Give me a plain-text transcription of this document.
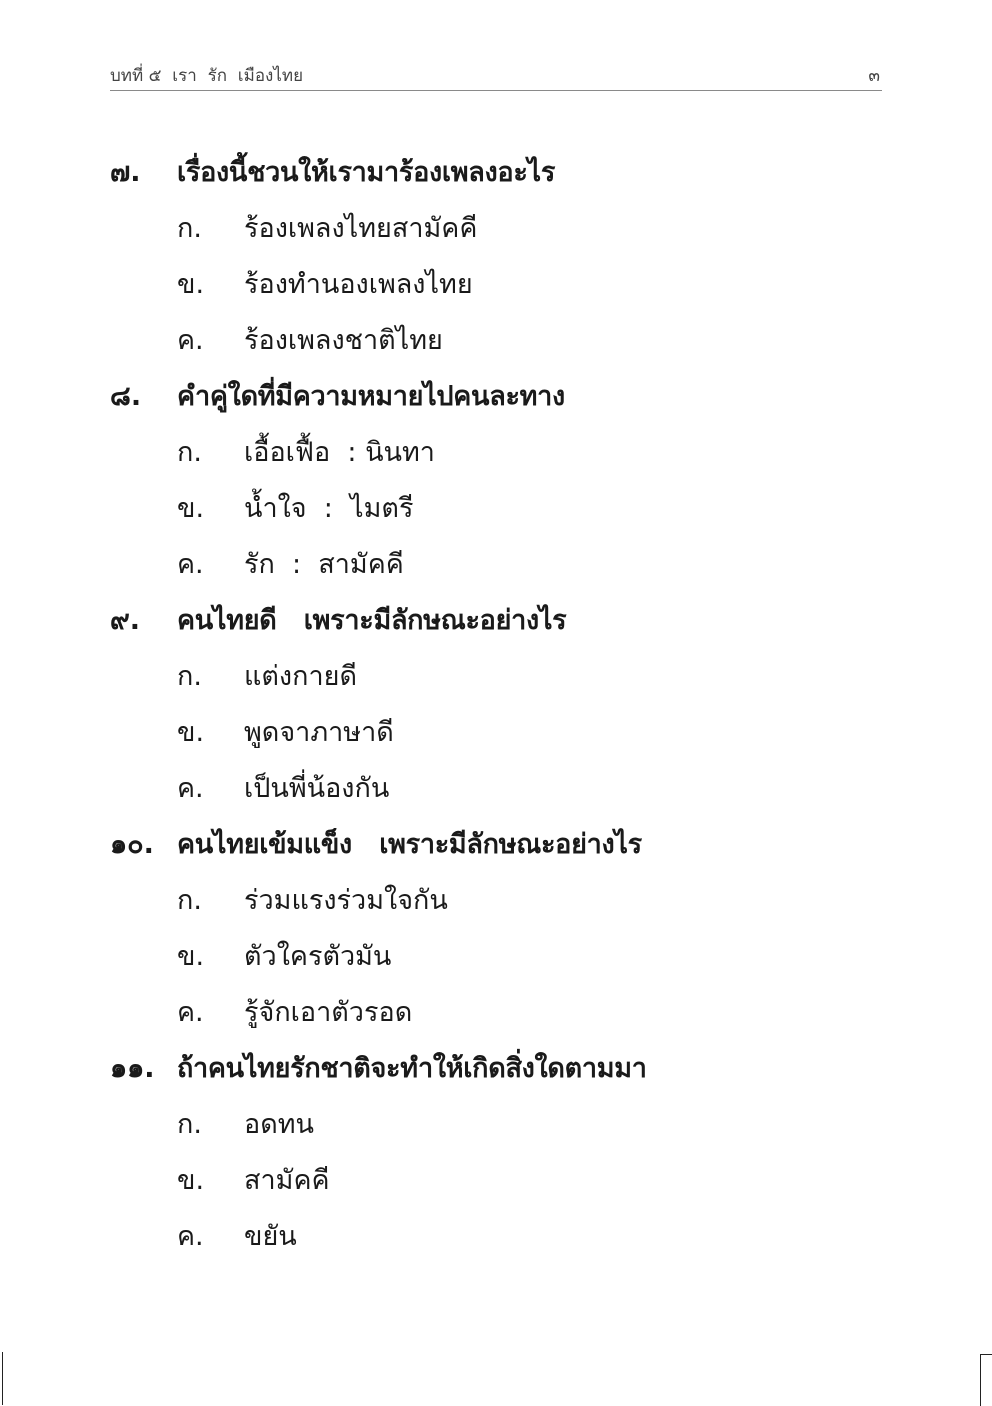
บทที่ ๕  เรา  รัก  เมืองไทย	๓
๗. เรื่องนี้ชวนให้เรามาร้องเพลงอะไร
ก. ร้องเพลงไทยสามัคคี
ข. ร้องทำนองเพลงไทย
ค. ร้องเพลงชาติไทย
๘. คำคู่ใดที่มีความหมายไปคนละทาง
ก. เอื้อเฟื้อ  : นินทา
ข. น้ำใจ  :  ไมตรี
ค. รัก  :  สามัคคี
๙. คนไทยดี   เพราะมีลักษณะอย่างไร
ก. แต่งกายดี
ข. พูดจาภาษาดี
ค. เป็นพี่น้องกัน
๑๐. คนไทยเข้มแข็ง   เพราะมีลักษณะอย่างไร
ก. ร่วมแรงร่วมใจกัน
ข. ตัวใครตัวมัน
ค. รู้จักเอาตัวรอด
๑๑. ถ้าคนไทยรักชาติจะทำให้เกิดสิ่งใดตามมา
ก. อดทน
ข. สามัคคี
ค. ขยัน
